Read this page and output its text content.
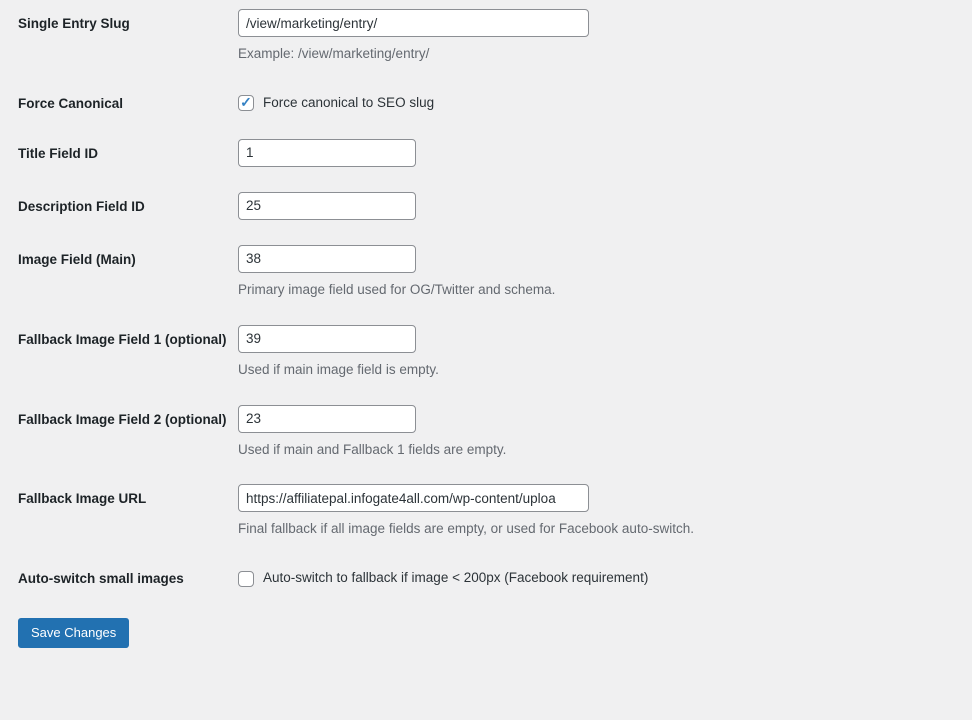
Single Entry Slug	/view/marketing/entry/

Example: /view/marketing/entry/

Force Canonical	Force canonical to SEO slug

Title Field ID	1
Description Field ID	25
Image Field (Main)	38

Primary image field used for OG/Twitter and schema.

Fallback Image Field 1 (optional)	39

Used if main image field is empty.

Fallback Image Field 2 (optional)	23

Used if main and Fallback 1 fields are empty.

Fallback Image URL	https://affiliatepal.infogate4all.com/wp-content/uploa

Final fallback if all image fields are empty, or used for Facebook auto-switch.

Auto-switch small images	Auto-switch to fallback if image < 200px (Facebook requirement)
Save Changes
